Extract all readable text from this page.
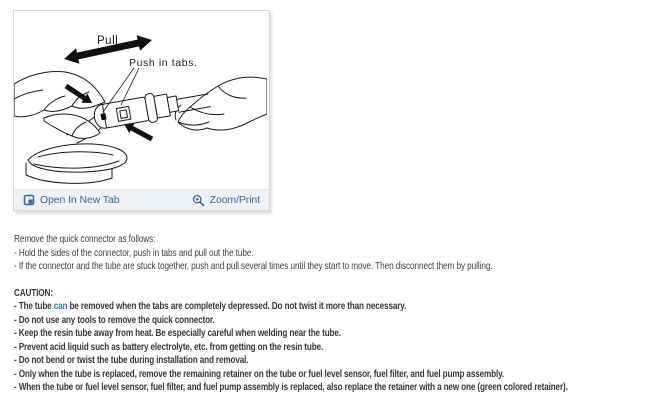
Pull
Push in tabs.
Open In New Tab	Zoom/Print

Remove the quick connector as follows:

- Hold the sides of the connector, push in tabs and pull out the tube.

- If the connector and the tube are stuck together, push and pull several times until they start to move. Then disconnect them by pulling.

CAUTION:

- The tube can be removed when the tabs are completely depressed. Do not twist it more than necessary.

- Do not use any tools to remove the quick connector.

- Keep the resin tube away from heat. Be especially careful when welding near the tube.

- Prevent acid liquid such as battery electrolyte, etc. from getting on the resin tube.

- Do not bend or twist the tube during installation and removal.

- Only when the tube is replaced, remove the remaining retainer on the tube or fuel level sensor, fuel filter, and fuel pump assembly.

- When the tube or fuel level sensor, fuel filter, and fuel pump assembly is replaced, also replace the retainer with a new one (green colored retainer).
